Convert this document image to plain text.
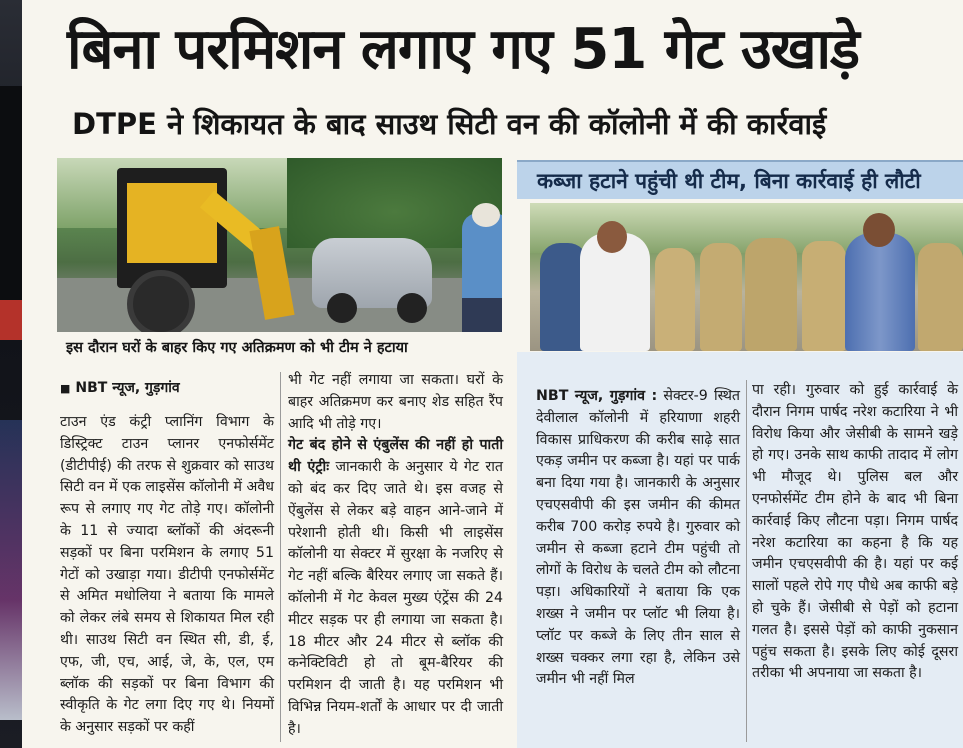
बिना परमिशन लगाए गए 51 गेट उखाड़े
DTPE ने शिकायत के बाद साउथ सिटी वन की कॉलोनी में की कार्रवाई
इस दौरान घरों के बाहर किए गए अतिक्रमण को भी टीम ने हटाया
कब्जा हटाने पहुंची थी टीम, बिना कार्रवाई ही लौटी
■ NBT न्यूज, गुड़गांव

टाउन एंड कंट्री प्लानिंग विभाग के डिस्ट्रिक्ट टाउन प्लानर एनफोर्समेंट (डीटीपीई) की तरफ से शुक्रवार को साउथ सिटी वन में एक लाइसेंस कॉलोनी में अवैध रूप से लगाए गए गेट तोड़े गए। कॉलोनी के 11 से ज्यादा ब्लॉकों की अंदरूनी सड़कों पर बिना परमिशन के लगाए 51 गेटों को उखाड़ा गया। डीटीपी एनफोर्समेंट से अमित मधोलिया ने बताया कि मामले को लेकर लंबे समय से शिकायत मिल रही थी। साउथ सिटी वन स्थित सी, डी, ई, एफ, जी, एच, आई, जे, के, एल, एम ब्लॉक की सड़कों पर बिना विभाग की स्वीकृति के गेट लगा दिए गए थे। नियमों के अनुसार सड़कों पर कहीं

भी गेट नहीं लगाया जा सकता। घरों के बाहर अतिक्रमण कर बनाए शेड सहित रैंप आदि भी तोड़े गए।

गेट बंद होने से एंबुलेंस की नहीं हो पाती थी एंट्रीः जानकारी के अनुसार ये गेट रात को बंद कर दिए जाते थे। इस वजह से ऐंबुलेंस से लेकर बड़े वाहन आने-जाने में परेशानी होती थी। किसी भी लाइसेंस कॉलोनी या सेक्टर में सुरक्षा के नजरिए से गेट नहीं बल्कि बैरियर लगाए जा सकते हैं। कॉलोनी में गेट केवल मुख्य एंट्रेंस की 24 मीटर सड़क पर ही लगाया जा सकता है। 18 मीटर और 24 मीटर से ब्लॉक की कनेक्टिविटी हो तो बूम-बैरियर की परमिशन दी जाती है। यह परमिशन भी विभिन्न नियम-शर्तों के आधार पर दी जाती है।

NBT न्यूज, गुड़गांव : सेक्टर-9 स्थित देवीलाल कॉलोनी में हरियाणा शहरी विकास प्राधिकरण की करीब साढ़े सात एकड़ जमीन पर कब्जा है। यहां पर पार्क बना दिया गया है। जानकारी के अनुसार एचएसवीपी की इस जमीन की कीमत करीब 700 करोड़ रुपये है। गुरुवार को जमीन से कब्जा हटाने टीम पहुंची तो लोगों के विरोध के चलते टीम को लौटना पड़ा। अधिकारियों ने बताया कि एक शख्स ने जमीन पर प्लॉट भी लिया है। प्लॉट पर कब्जे के लिए तीन साल से शख्स चक्कर लगा रहा है, लेकिन उसे जमीन भी नहीं मिल

पा रही। गुरुवार को हुई कार्रवाई के दौरान निगम पार्षद नरेश कटारिया ने भी विरोध किया और जेसीबी के सामने खड़े हो गए। उनके साथ काफी तादाद में लोग भी मौजूद थे। पुलिस बल और एनफोर्समेंट टीम होने के बाद भी बिना कार्रवाई किए लौटना पड़ा। निगम पार्षद नरेश कटारिया का कहना है कि यह जमीन एचएसवीपी की है। यहां पर कई सालों पहले रोपे गए पौधे अब काफी बड़े हो चुके हैं। जेसीबी से पेड़ों को हटाना गलत है। इससे पेड़ों को काफी नुकसान पहुंच सकता है। इसके लिए कोई दूसरा तरीका भी अपनाया जा सकता है।
